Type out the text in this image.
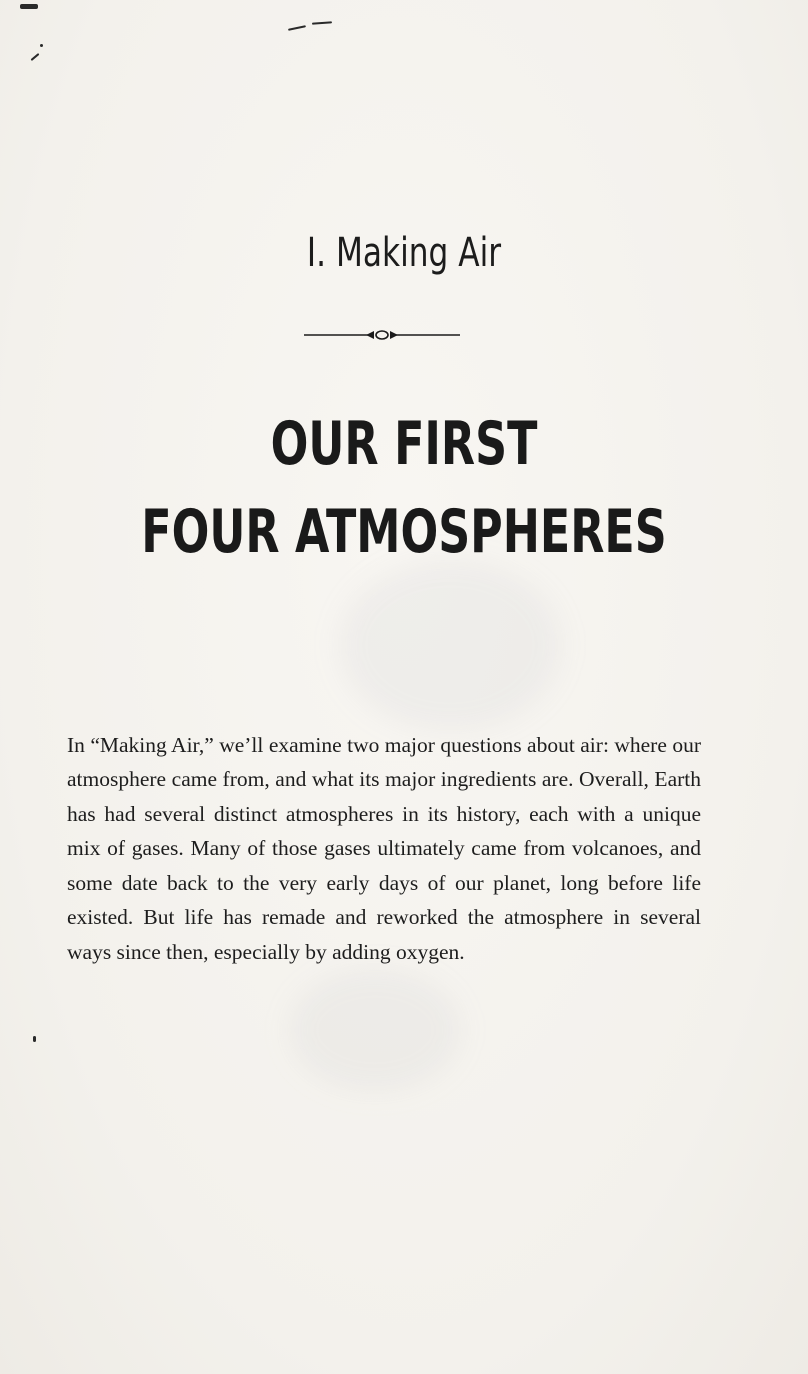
I. Making Air
OUR FIRST
FOUR ATMOSPHERES

In “Making Air,” we’ll examine two major questions about air: where our atmosphere came from, and what its major ingredients are. Overall, Earth has had several distinct atmospheres in its history, each with a unique mix of gases. Many of those gases ultimately came from volcanoes, and some date back to the very early days of our planet, long before life existed. But life has remade and reworked the atmosphere in several ways since then, especially by adding oxygen.
